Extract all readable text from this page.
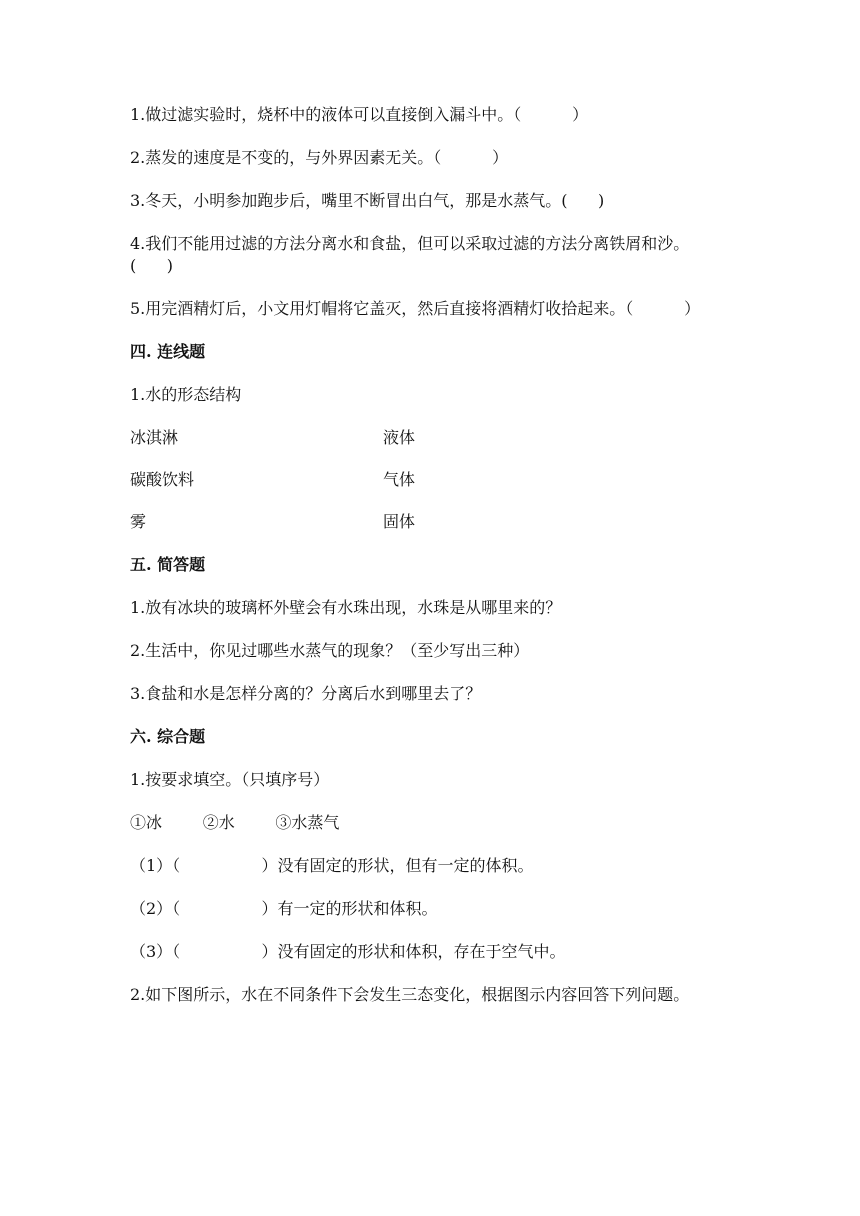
1.做过滤实验时，烧杯中的液体可以直接倒入漏斗中。（          ）
2.蒸发的速度是不变的，与外界因素无关。（          ）
3.冬天，小明参加跑步后，嘴里不断冒出白气，那是水蒸气。(      )
4.我们不能用过滤的方法分离水和食盐，但可以采取过滤的方法分离铁屑和沙。
(      )
5.用完酒精灯后，小文用灯帽将它盖灭，然后直接将酒精灯收拾起来。（          ）
四. 连线题
1.水的形态结构
冰淇淋	液体
碳酸饮料	气体
雾	固体
五. 简答题
1.放有冰块的玻璃杯外壁会有水珠出现，水珠是从哪里来的？
2.生活中，你见过哪些水蒸气的现象？（至少写出三种）
3.食盐和水是怎样分离的？分离后水到哪里去了？
六. 综合题
1.按要求填空。（只填序号）
①冰        ②水        ③水蒸气
（1）（                ）没有固定的形状，但有一定的体积。
（2）（                ）有一定的形状和体积。
（3）（                ）没有固定的形状和体积，存在于空气中。
2.如下图所示，水在不同条件下会发生三态变化，根据图示内容回答下列问题。
